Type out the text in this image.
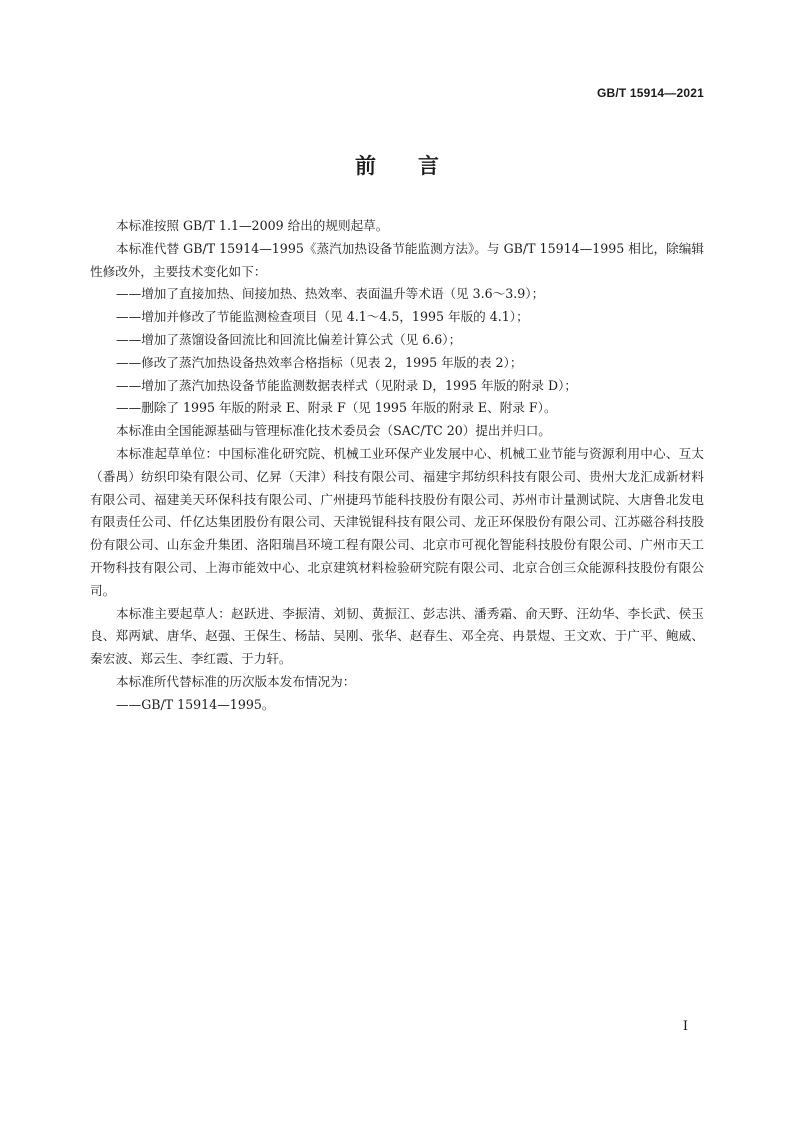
GB/T 15914—2021
前 言

本标准按照 GB/T 1.1—2009 给出的规则起草。

本标准代替 GB/T 15914—1995《蒸汽加热设备节能监测方法》。与 GB/T 15914—1995 相比，除编辑性修改外，主要技术变化如下：

——增加了直接加热、间接加热、热效率、表面温升等术语（见 3.6～3.9）；

——增加并修改了节能监测检查项目（见 4.1～4.5，1995 年版的 4.1）；

——增加了蒸馏设备回流比和回流比偏差计算公式（见 6.6）；

——修改了蒸汽加热设备热效率合格指标（见表 2，1995 年版的表 2）；

——增加了蒸汽加热设备节能监测数据表样式（见附录 D，1995 年版的附录 D）；

——删除了 1995 年版的附录 E、附录 F（见 1995 年版的附录 E、附录 F）。

本标准由全国能源基础与管理标准化技术委员会（SAC/TC 20）提出并归口。

本标准起草单位：中国标准化研究院、机械工业环保产业发展中心、机械工业节能与资源利用中心、互太（番禺）纺织印染有限公司、亿昇（天津）科技有限公司、福建宇邦纺织科技有限公司、贵州大龙汇成新材料有限公司、福建美天环保科技有限公司、广州捷玛节能科技股份有限公司、苏州市计量测试院、大唐鲁北发电有限责任公司、仟亿达集团股份有限公司、天津锐锟科技有限公司、龙正环保股份有限公司、江苏磁谷科技股份有限公司、山东金升集团、洛阳瑞昌环境工程有限公司、北京市可视化智能科技股份有限公司、广州市天工开物科技有限公司、上海市能效中心、北京建筑材料检验研究院有限公司、北京合创三众能源科技股份有限公司。

本标准主要起草人：赵跃进、李振清、刘韧、黄振江、彭志洪、潘秀霜、俞天野、汪幼华、李长武、侯玉良、郑两斌、唐华、赵强、王保生、杨喆、吴刚、张华、赵春生、邓全亮、冉景煜、王文欢、于广平、鲍威、秦宏波、郑云生、李红霞、于力轩。

本标准所代替标准的历次版本发布情况为：

——GB/T 15914—1995。

I
